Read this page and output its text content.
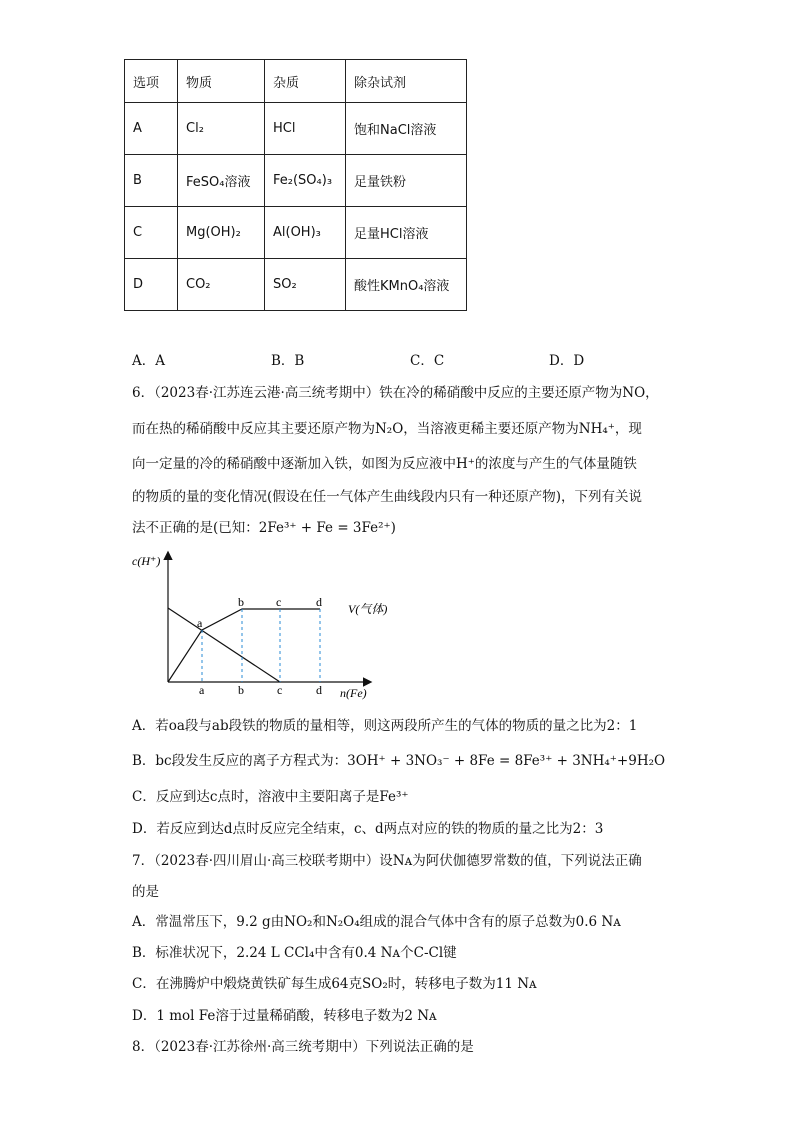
选项	物质	杂质	除杂试剂
A	Cl₂	HCl	饱和NaCl溶液
B	FeSO₄溶液	Fe₂(SO₄)₃	足量铁粉
C	Mg(OH)₂	Al(OH)₃	足量HCl溶液
D	CO₂	SO₂	酸性KMnO₄溶液
A．A	B．B	C．C	D．D
6．（2023春·江苏连云港·高三统考期中）铁在冷的稀硝酸中反应的主要还原产物为NO，
而在热的稀硝酸中反应其主要还原产物为N₂O，当溶液更稀主要还原产物为NH₄⁺，现
向一定量的冷的稀硝酸中逐渐加入铁，如图为反应液中H⁺的浓度与产生的气体量随铁
的物质的量的变化情况(假设在任一气体产生曲线段内只有一种还原产物)，下列有关说
法不正确的是(已知：2Fe³⁺ + Fe = 3Fe²⁺)
c(H⁺)
n(Fe)
V(气体)
a
b	c	d
a	b	c	d
A．若oa段与ab段铁的物质的量相等，则这两段所产生的气体的物质的量之比为2：1
B．bc段发生反应的离子方程式为：3OH⁺ + 3NO₃⁻ + 8Fe = 8Fe³⁺ + 3NH₄⁺+9H₂O
C．反应到达c点时，溶液中主要阳离子是Fe³⁺
D．若反应到达d点时反应完全结束，c、d两点对应的铁的物质的量之比为2：3
7．（2023春·四川眉山·高三校联考期中）设Nᴀ为阿伏伽德罗常数的值，下列说法正确
的是
A．常温常压下，9.2 g由NO₂和N₂O₄组成的混合气体中含有的原子总数为0.6 Nᴀ
B．标准状况下，2.24 L CCl₄中含有0.4 Nᴀ个C-Cl键
C．在沸腾炉中煅烧黄铁矿每生成64克SO₂时，转移电子数为11 Nᴀ
D．1 mol Fe溶于过量稀硝酸，转移电子数为2 Nᴀ
8．（2023春·江苏徐州·高三统考期中）下列说法正确的是
